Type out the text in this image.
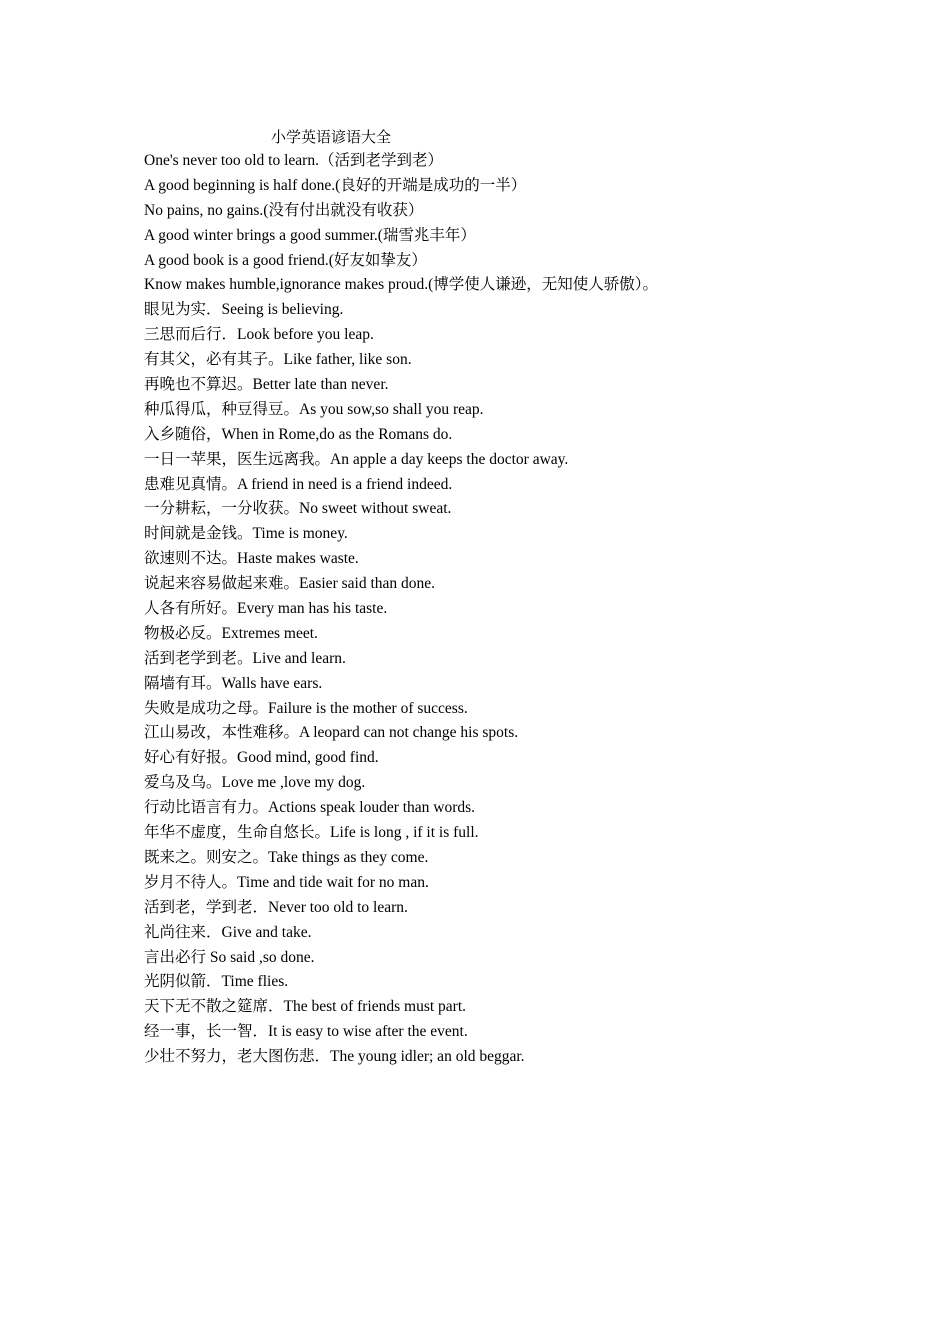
小学英语谚语大全
One's never too old to learn.（活到老学到老）
A good beginning is half done.(良好的开端是成功的一半）
No pains, no gains.(没有付出就没有收获）
A good winter brings a good summer.(瑞雪兆丰年）
A good book is a good friend.(好友如挚友）
Know makes humble,ignorance makes proud.(博学使人谦逊，无知使人骄傲）。
眼见为实．Seeing is believing.
三思而后行．Look before you leap.
有其父，必有其子。Like father, like son.
再晚也不算迟。Better late than never.
种瓜得瓜，种豆得豆。As you sow,so shall you reap.
入乡随俗，When in Rome,do as the Romans do.
一日一苹果，医生远离我。An apple a day keeps the doctor away.
患难见真情。A friend in need is a friend indeed.
一分耕耘，一分收获。No sweet without sweat.
时间就是金钱。Time is money.
欲速则不达。Haste makes waste.
说起来容易做起来难。Easier said than done.
人各有所好。Every man has his taste.
物极必反。Extremes meet.
活到老学到老。Live and learn.
隔墙有耳。Walls have ears.
失败是成功之母。Failure is the mother of success.
江山易改，本性难移。A leopard can not change his spots.
好心有好报。Good mind, good find.
爱乌及乌。Love me ,love my dog.
行动比语言有力。Actions speak louder than words.
年华不虚度，生命自悠长。Life is long , if it is full.
既来之。则安之。Take things as they come.
岁月不待人。Time and tide wait for no man.
活到老，学到老．Never too old to learn.
礼尚往来．Give and take.
言出必行 So said ,so done.
光阴似箭．Time flies.
天下无不散之筵席．The best of friends must part.
经一事，长一智．It is easy to wise after the event.
少壮不努力，老大图伤悲．The young idler; an old beggar.
